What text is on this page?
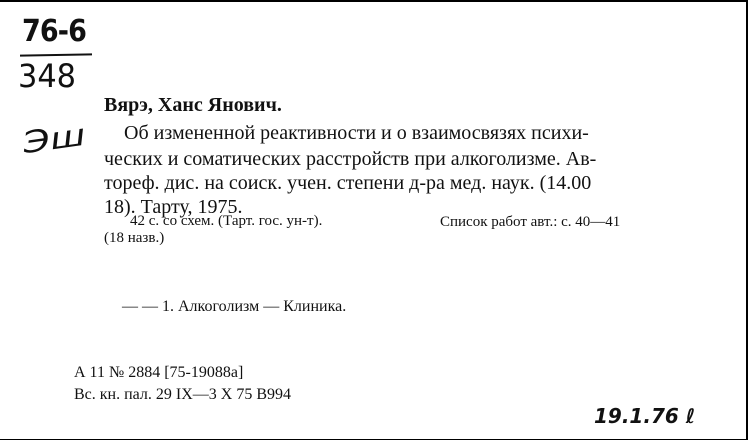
76-6
348
Эш
Вярэ, Ханс Янович.
Об измененной реактивности и о взаимосвязях психи-
ческих и соматических расстройств при алкоголизме. Ав-
тореф. дис. на соиск. учен. степени д-ра мед. наук. (14.00
18). Тарту, 1975.
42 с. со схем. (Тарт. гос. ун-т).	Список работ авт.: с. 40—41
(18 назв.)
— — 1. Алкоголизм — Клиника.
А 11 № 2884 [75-19088а]
Вс. кн. пал. 29 IX—3 X 75 В994
19.1.76 ℓ
